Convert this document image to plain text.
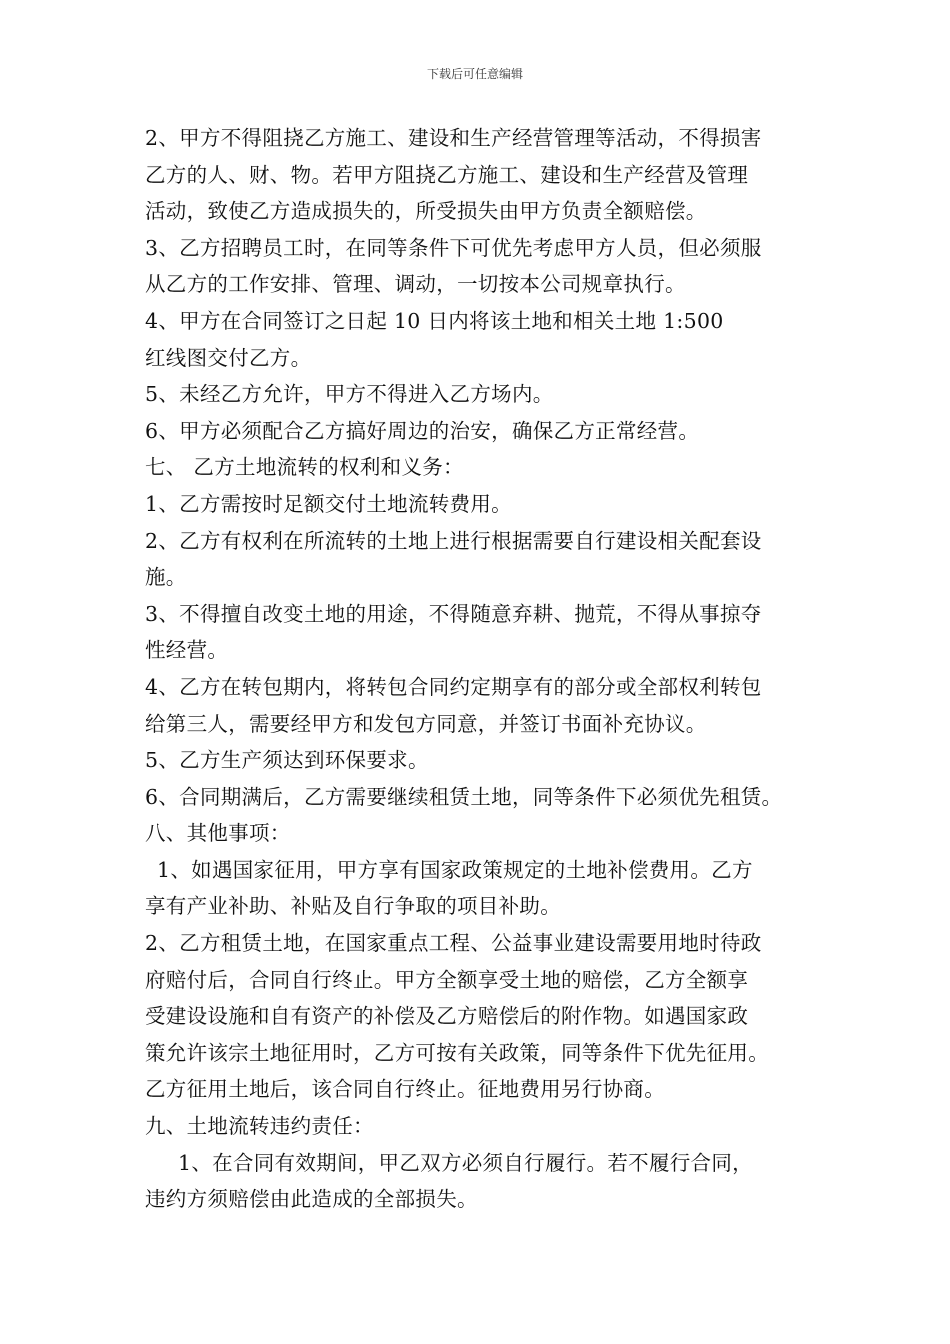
下载后可任意编辑
2、甲方不得阻挠乙方施工、建设和生产经营管理等活动，不得损害
乙方的人、财、物。若甲方阻挠乙方施工、建设和生产经营及管理
活动，致使乙方造成损失的，所受损失由甲方负责全额赔偿。
3、乙方招聘员工时，在同等条件下可优先考虑甲方人员，但必须服
从乙方的工作安排、管理、调动，一切按本公司规章执行。
4、甲方在合同签订之日起 10 日内将该土地和相关土地 1:500
红线图交付乙方。
5、未经乙方允许，甲方不得进入乙方场内。
6、甲方必须配合乙方搞好周边的治安，确保乙方正常经营。
七、 乙方土地流转的权利和义务：
1、乙方需按时足额交付土地流转费用。
2、乙方有权利在所流转的土地上进行根据需要自行建设相关配套设
施。
3、不得擅自改变土地的用途，不得随意弃耕、抛荒，不得从事掠夺
性经营。
4、乙方在转包期内，将转包合同约定期享有的部分或全部权利转包
给第三人，需要经甲方和发包方同意，并签订书面补充协议。
5、乙方生产须达到环保要求。
6、合同期满后，乙方需要继续租赁土地，同等条件下必须优先租赁。
八、其他事项：
1、如遇国家征用，甲方享有国家政策规定的土地补偿费用。乙方
享有产业补助、补贴及自行争取的项目补助。
2、乙方租赁土地，在国家重点工程、公益事业建设需要用地时待政
府赔付后，合同自行终止。甲方全额享受土地的赔偿，乙方全额享
受建设设施和自有资产的补偿及乙方赔偿后的附作物。如遇国家政
策允许该宗土地征用时，乙方可按有关政策，同等条件下优先征用。
乙方征用土地后，该合同自行终止。征地费用另行协商。
九、土地流转违约责任：
1、在合同有效期间，甲乙双方必须自行履行。若不履行合同，
违约方须赔偿由此造成的全部损失。
